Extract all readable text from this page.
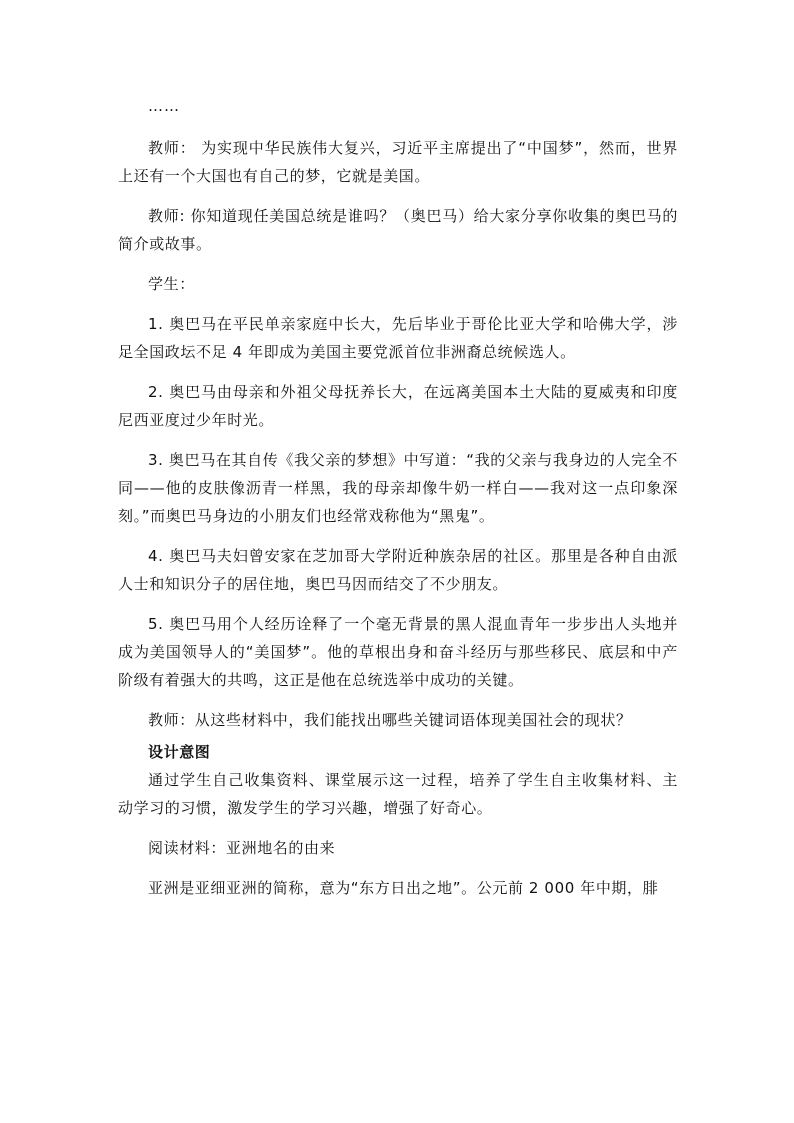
……

教师： 为实现中华民族伟大复兴，习近平主席提出了“中国梦”，然而，世界上还有一个大国也有自己的梦，它就是美国。

教师: 你知道现任美国总统是谁吗？（奥巴马）给大家分享你收集的奥巴马的简介或故事。

学生：

1. 奥巴马在平民单亲家庭中长大，先后毕业于哥伦比亚大学和哈佛大学，涉足全国政坛不足 4 年即成为美国主要党派首位非洲裔总统候选人。

2. 奥巴马由母亲和外祖父母抚养长大，在远离美国本土大陆的夏威夷和印度尼西亚度过少年时光。

3. 奥巴马在其自传《我父亲的梦想》中写道：“我的父亲与我身边的人完全不同——他的皮肤像沥青一样黑，我的母亲却像牛奶一样白——我对这一点印象深刻。”而奥巴马身边的小朋友们也经常戏称他为“黑鬼”。

4. 奥巴马夫妇曾安家在芝加哥大学附近种族杂居的社区。那里是各种自由派人士和知识分子的居住地，奥巴马因而结交了不少朋友。

5. 奥巴马用个人经历诠释了一个毫无背景的黑人混血青年一步步出人头地并成为美国领导人的“美国梦”。他的草根出身和奋斗经历与那些移民、底层和中产阶级有着强大的共鸣，这正是他在总统选举中成功的关键。

教师：从这些材料中，我们能找出哪些关键词语体现美国社会的现状？

设计意图

通过学生自己收集资料、课堂展示这一过程，培养了学生自主收集材料、主动学习的习惯，激发学生的学习兴趣，增强了好奇心。

阅读材料：亚洲地名的由来

亚洲是亚细亚洲的简称，意为“东方日出之地”。公元前 2 000 年中期，腓
